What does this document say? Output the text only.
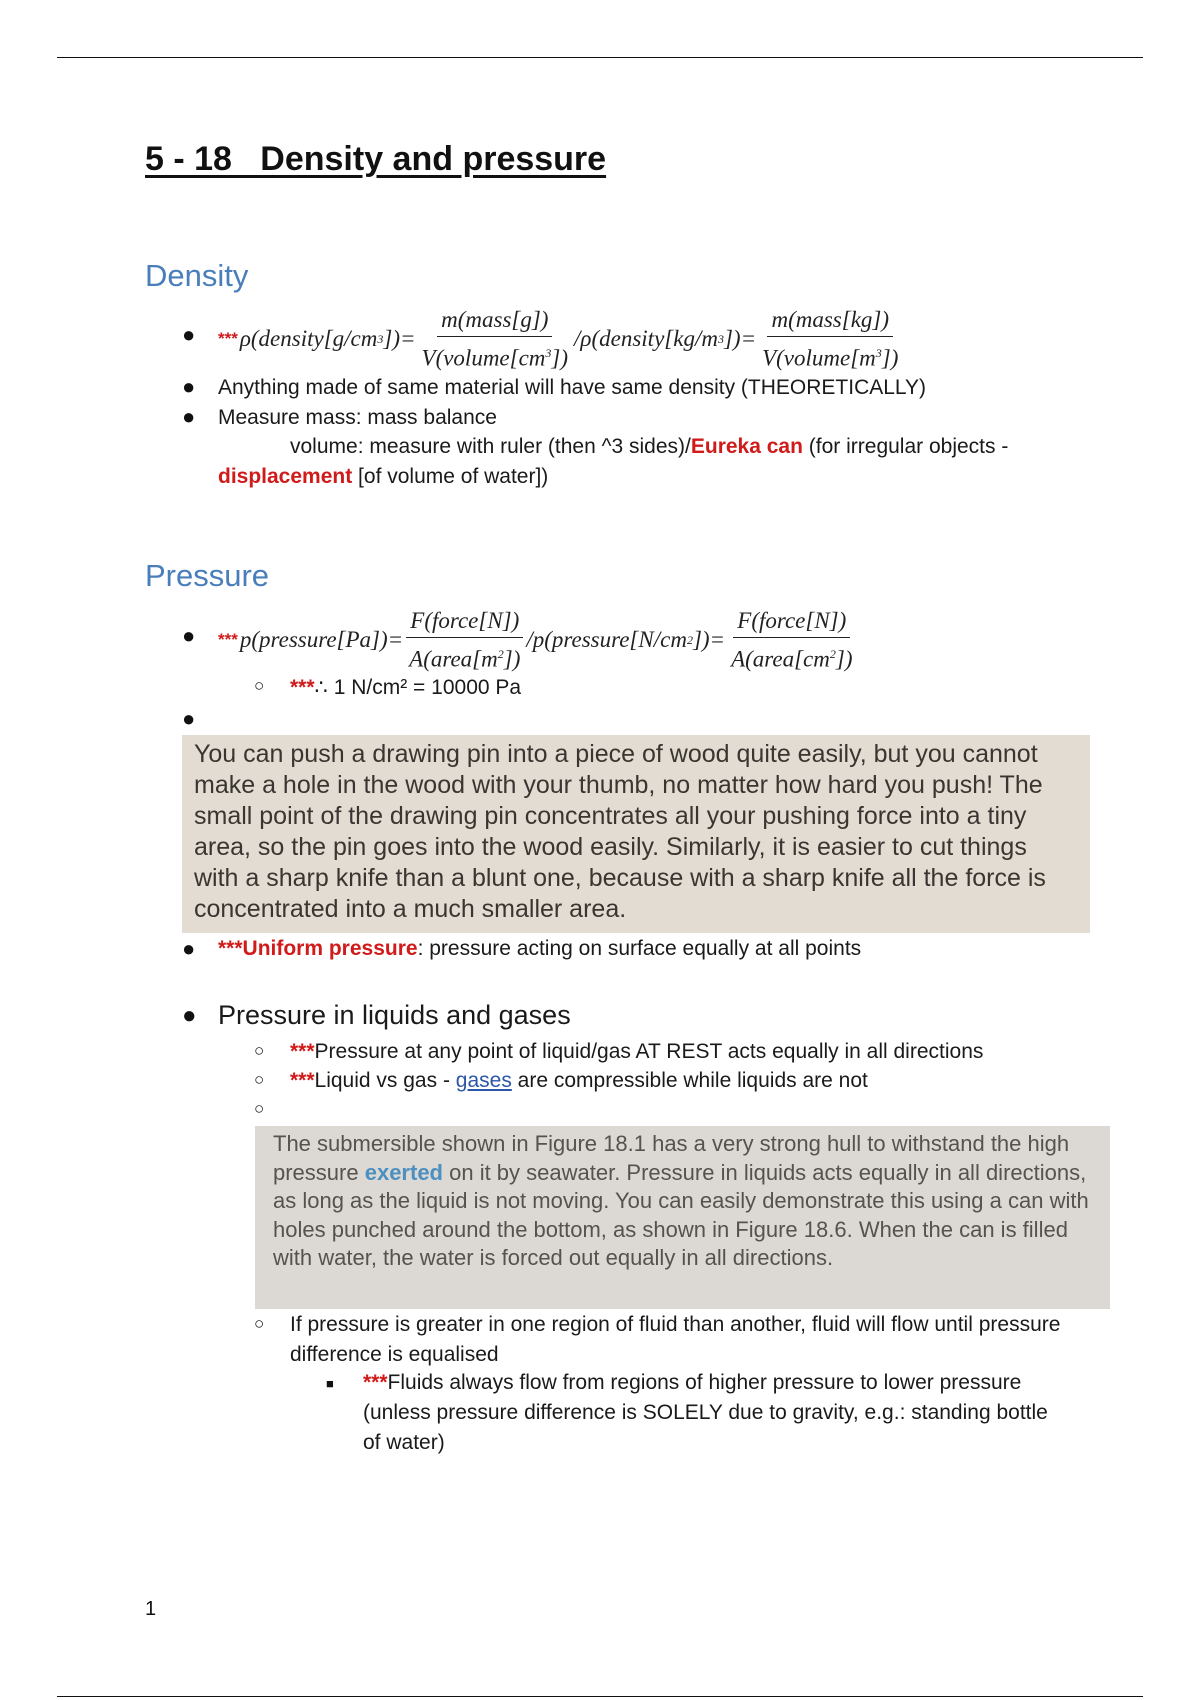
5 - 18   Density and pressure
Density
● *** ρ(density[g/cm 3 ])= $\frac{\text{m(mass[g])}}{V(volume[cm^3])}$ /ρ(density[kg/m 3 ])= $\frac{\text{m(mass[kg])}}{V(volume[m^3])}$
● Anything made of same material will have same density (THEORETICALLY)
● Measure mass: mass balance
volume: measure with ruler (then ^3 sides)/Eureka can (for irregular objects -
displacement [of volume of water])
Pressure
● *** p(pressure[Pa])= $\frac{\text{F(force[N])}}{A(area[m^2])}$ /p(pressure[N/cm 2 ])= $\frac{\text{F(force[N])}}{A(area[cm^2])}$
○ ***∴ 1 N/cm² = 10000 Pa
●
You can push a drawing pin into a piece of wood quite easily, but you cannot make a hole in the wood with your thumb, no matter how hard you push! The small point of the drawing pin concentrates all your pushing force into a tiny area, so the pin goes into the wood easily. Similarly, it is easier to cut things with a sharp knife than a blunt one, because with a sharp knife all the force is concentrated into a much smaller area.
● ***Uniform pressure: pressure acting on surface equally at all points
● Pressure in liquids and gases
○ ***Pressure at any point of liquid/gas AT REST acts equally in all directions
○ ***Liquid vs gas - gases are compressible while liquids are not
○
The submersible shown in Figure 18.1 has a very strong hull to withstand the high pressure exerted on it by seawater. Pressure in liquids acts equally in all directions, as long as the liquid is not moving. You can easily demonstrate this using a can with holes punched around the bottom, as shown in Figure 18.6. When the can is filled with water, the water is forced out equally in all directions.
○ If pressure is greater in one region of fluid than another, fluid will flow until pressure difference is equalised
■ ***Fluids always flow from regions of higher pressure to lower pressure (unless pressure difference is SOLELY due to gravity, e.g.: standing bottle of water)
1
